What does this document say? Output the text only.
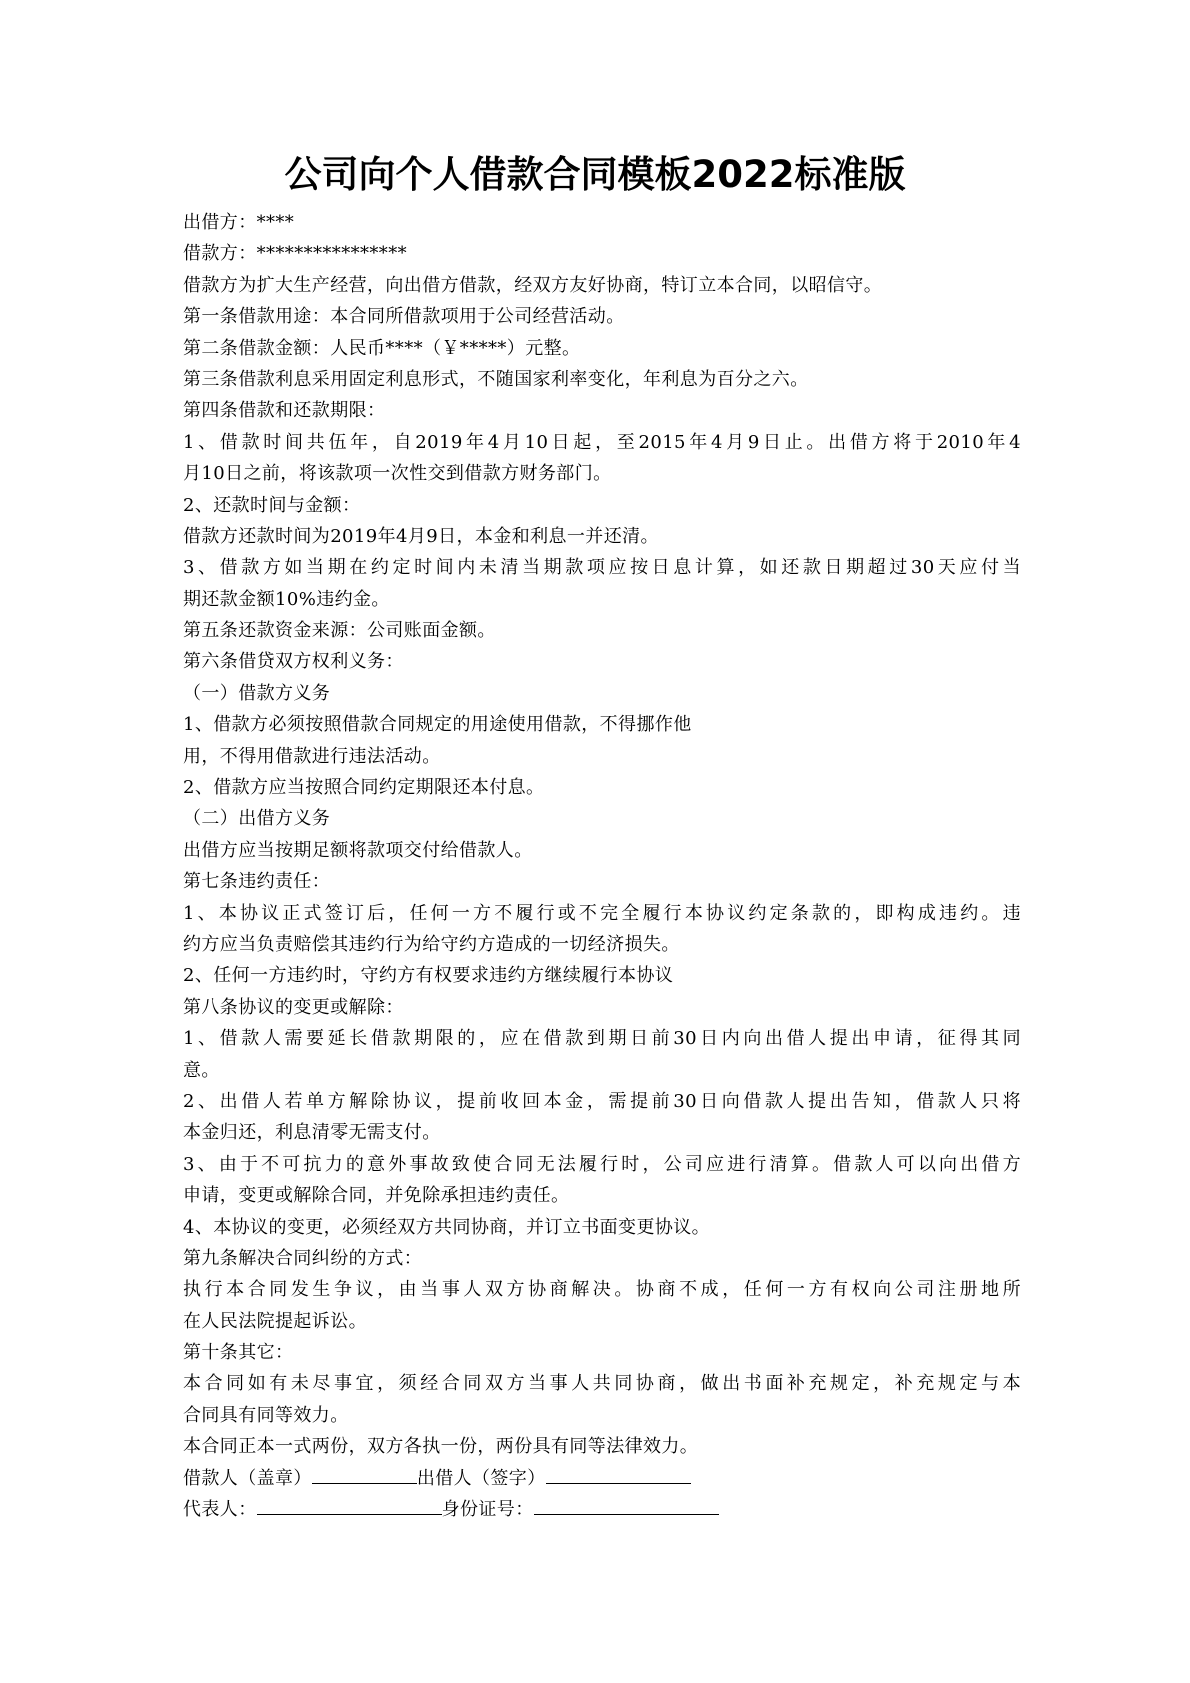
公司向个人借款合同模板2022标准版
出借方：****
借款方：****************
借款方为扩大生产经营，向出借方借款，经双方友好协商，特订立本合同，以昭信守。
第一条借款用途：本合同所借款项用于公司经营活动。
第二条借款金额：人民币****（￥*****）元整。
第三条借款利息采用固定利息形式，不随国家利率变化，年利息为百分之六。
第四条借款和还款期限：
1、借款时间共伍年，自2019年4月10日起，至2015年4月9日止。出借方将于2010年4
月10日之前，将该款项一次性交到借款方财务部门。
2、还款时间与金额：
借款方还款时间为2019年4月9日，本金和利息一并还清。
3、借款方如当期在约定时间内未清当期款项应按日息计算，如还款日期超过30天应付当
期还款金额10%违约金。
第五条还款资金来源：公司账面金额。
第六条借贷双方权利义务：
（一）借款方义务
1、借款方必须按照借款合同规定的用途使用借款，不得挪作他
用，不得用借款进行违法活动。
2、借款方应当按照合同约定期限还本付息。
（二）出借方义务
出借方应当按期足额将款项交付给借款人。
第七条违约责任：
1、本协议正式签订后，任何一方不履行或不完全履行本协议约定条款的，即构成违约。违
约方应当负责赔偿其违约行为给守约方造成的一切经济损失。
2、任何一方违约时，守约方有权要求违约方继续履行本协议
第八条协议的变更或解除：
1、借款人需要延长借款期限的，应在借款到期日前30日内向出借人提出申请，征得其同
意。
2、出借人若单方解除协议，提前收回本金，需提前30日向借款人提出告知，借款人只将
本金归还，利息清零无需支付。
3、由于不可抗力的意外事故致使合同无法履行时，公司应进行清算。借款人可以向出借方
申请，变更或解除合同，并免除承担违约责任。
4、本协议的变更，必须经双方共同协商，并订立书面变更协议。
第九条解决合同纠纷的方式：
执行本合同发生争议，由当事人双方协商解决。协商不成，任何一方有权向公司注册地所
在人民法院提起诉讼。
第十条其它：
本合同如有未尽事宜，须经合同双方当事人共同协商，做出书面补充规定，补充规定与本
合同具有同等效力。
本合同正本一式两份，双方各执一份，两份具有同等法律效力。
借款人（盖章）	出借人（签字）
代表人：	身份证号：
